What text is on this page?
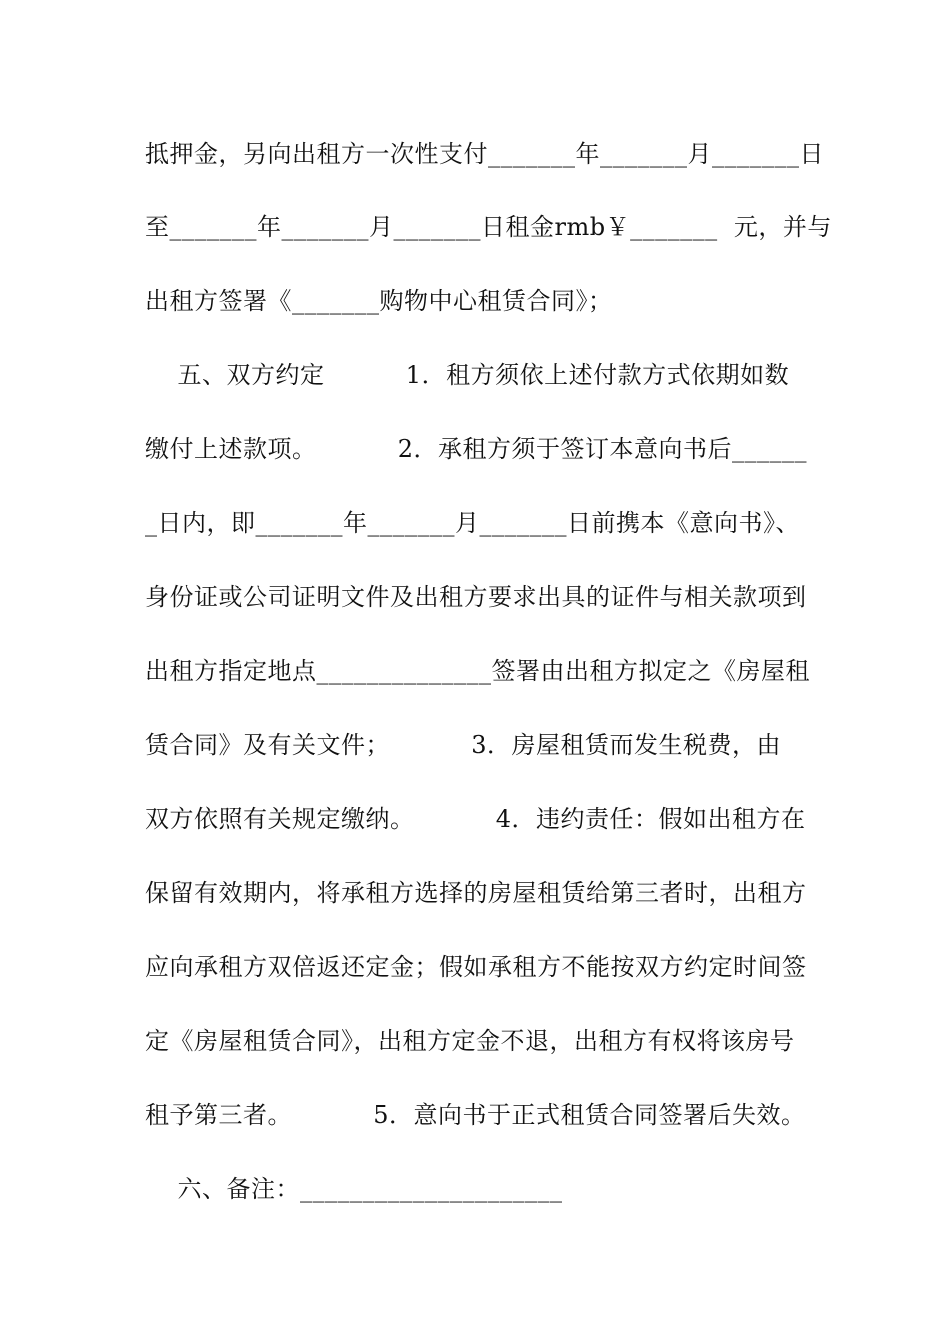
抵押金，另向出租方一次性支付_______年_______月_______日
至_______年_______月_______日租金rmb￥_______  元，并与
出租方签署《_______购物中心租赁合同》；
五、双方约定          1．租方须依上述付款方式依期如数
缴付上述款项。          2．承租方须于签订本意向书后______
_日内，即_______年_______月_______日前携本《意向书》、
身份证或公司证明文件及出租方要求出具的证件与相关款项到
出租方指定地点______________签署由出租方拟定之《房屋租
赁合同》及有关文件；          3．房屋租赁而发生税费，由
双方依照有关规定缴纳。          4．违约责任：假如出租方在
保留有效期内，将承租方选择的房屋租赁给第三者时，出租方
应向承租方双倍返还定金；假如承租方不能按双方约定时间签
定《房屋租赁合同》，出租方定金不退，出租方有权将该房号
租予第三者。          5．意向书于正式租赁合同签署后失效。
六、备注：_____________________
